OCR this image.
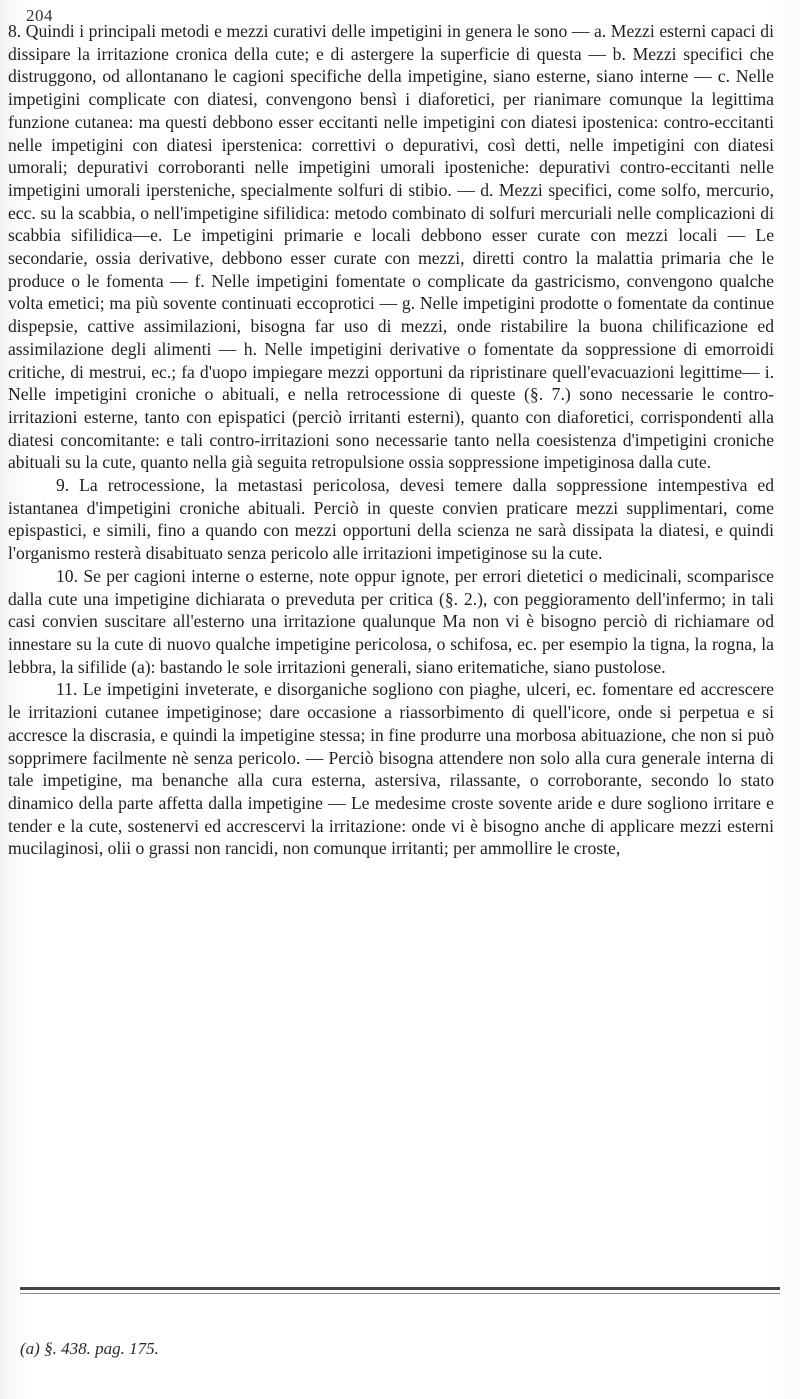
204

8. Quindi i principali metodi e mezzi curativi delle impetigini in genera le sono — a. Mezzi esterni capaci di dissipare la irritazione cronica della cute; e di astergere la superficie di questa — b. Mezzi specifici che distruggono, od allontanano le cagioni specifiche della impetigine, siano esterne, siano interne — c. Nelle impetigini complicate con diatesi, convengono bensì i diaforetici, per rianimare comunque la legittima funzione cutanea: ma questi debbono esser eccitanti nelle impetigini con diatesi ipostenica: contro-eccitanti nelle impetigini con diatesi iperstenica: correttivi o depurativi, così detti, nelle impetigini con diatesi umorali; depurativi corroboranti nelle impetigini umorali iposteniche: depurativi contro-eccitanti nelle impetigini umorali ipersteniche, specialmente solfuri di stibio. — d. Mezzi specifici, come solfo, mercurio, ecc. su la scabbia, o nell'impetigine sifilidica: metodo combinato di solfuri mercuriali nelle complicazioni di scabbia sifilidica—e. Le impetigini primarie e locali debbono esser curate con mezzi locali — Le secondarie, ossia derivative, debbono esser curate con mezzi, diretti contro la malattia primaria che le produce o le fomenta — f. Nelle impetigini fomentate o complicate da gastricismo, convengono qualche volta emetici; ma più sovente continuati eccoprotici — g. Nelle impetigini prodotte o fomentate da continue dispepsie, cattive assimilazioni, bisogna far uso di mezzi, onde ristabilire la buona chilificazione ed assimilazione degli alimenti — h. Nelle impetigini derivative o fomentate da soppressione di emorroidi critiche, di mestrui, ec.; fa d'uopo impiegare mezzi opportuni da ripristinare quell'evacuazioni legittime— i. Nelle impetigini croniche o abituali, e nella retrocessione di queste (§. 7.) sono necessarie le contro-irritazioni esterne, tanto con epispatici (perciò irritanti esterni), quanto con diaforetici, corrispondenti alla diatesi concomitante: e tali contro-irritazioni sono necessarie tanto nella coesistenza d'impetigini croniche abituali su la cute, quanto nella già seguita retropulsione ossia soppressione impetiginosa dalla cute.

9. La retrocessione, la metastasi pericolosa, devesi temere dalla soppressione intempestiva ed istantanea d'impetigini croniche abituali. Perciò in queste convien praticare mezzi supplimentari, come epispastici, e simili, fino a quando con mezzi opportuni della scienza ne sarà dissipata la diatesi, e quindi l'organismo resterà disabituato senza pericolo alle irritazioni impetiginose su la cute.

10. Se per cagioni interne o esterne, note oppur ignote, per errori dietetici o medicinali, scomparisce dalla cute una impetigine dichiarata o preveduta per critica (§. 2.), con peggioramento dell'infermo; in tali casi convien suscitare all'esterno una irritazione qualunque Ma non vi è bisogno perciò di richiamare od innestare su la cute di nuovo qualche impetigine pericolosa, o schifosa, ec. per esempio la tigna, la rogna, la lebbra, la sifilide (a): bastando le sole irritazioni generali, siano eritematiche, siano pustolose.

11. Le impetigini inveterate, e disorganiche sogliono con piaghe, ulceri, ec. fomentare ed accrescere le irritazioni cutanee impetiginose; dare occasione a riassorbimento di quell'icore, onde si perpetua e si accresce la discrasia, e quindi la impetigine stessa; in fine produrre una morbosa abituazione, che non si può sopprimere facilmente nè senza pericolo. — Perciò bisogna attendere non solo alla cura generale interna di tale impetigine, ma benanche alla cura esterna, astersiva, rilassante, o corroborante, secondo lo stato dinamico della parte affetta dalla impetigine — Le medesime croste sovente aride e dure sogliono irritare e tender e la cute, sostenervi ed accrescervi la irritazione: onde vi è bisogno anche di applicare mezzi esterni mucilaginosi, olii o grassi non rancidi, non comunque irritanti; per ammollire le croste,

(a) §. 438. pag. 175.
